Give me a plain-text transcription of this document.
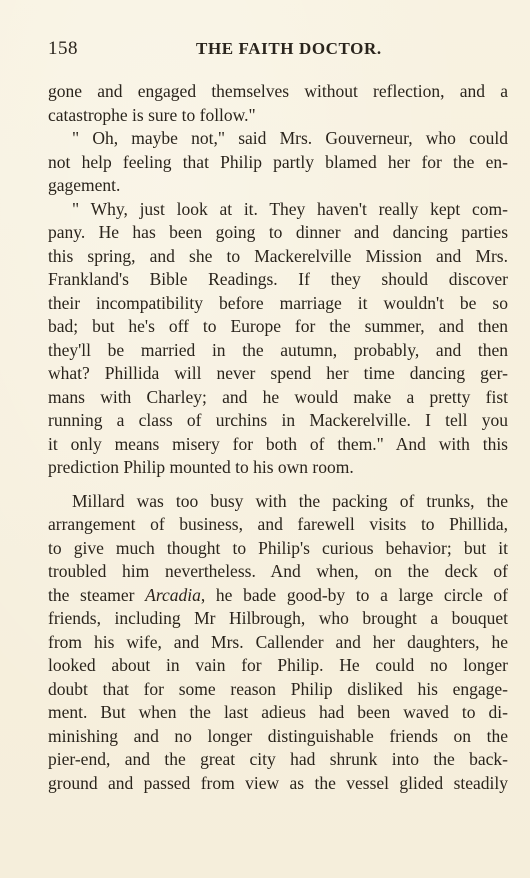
158	THE FAITH DOCTOR.
gone and engaged themselves without reflection, and a
catastrophe is sure to follow."
" Oh, maybe not," said Mrs. Gouverneur, who could
not help feeling that Philip partly blamed her for the en-
gagement.
" Why, just look at it. They haven't really kept com-
pany. He has been going to dinner and dancing parties
this spring, and she to Mackerelville Mission and Mrs.
Frankland's Bible Readings. If they should discover
their incompatibility before marriage it wouldn't be so
bad; but he's off to Europe for the summer, and then
they'll be married in the autumn, probably, and then
what? Phillida will never spend her time dancing ger-
mans with Charley; and he would make a pretty fist
running a class of urchins in Mackerelville. I tell you
it only means misery for both of them." And with this
prediction Philip mounted to his own room.
Millard was too busy with the packing of trunks, the
arrangement of business, and farewell visits to Phillida,
to give much thought to Philip's curious behavior; but it
troubled him nevertheless. And when, on the deck of
the steamer Arcadia, he bade good-by to a large circle of
friends, including Mr Hilbrough, who brought a bouquet
from his wife, and Mrs. Callender and her daughters, he
looked about in vain for Philip. He could no longer
doubt that for some reason Philip disliked his engage-
ment. But when the last adieus had been waved to di-
minishing and no longer distinguishable friends on the
pier-end, and the great city had shrunk into the back-
ground and passed from view as the vessel glided steadily
